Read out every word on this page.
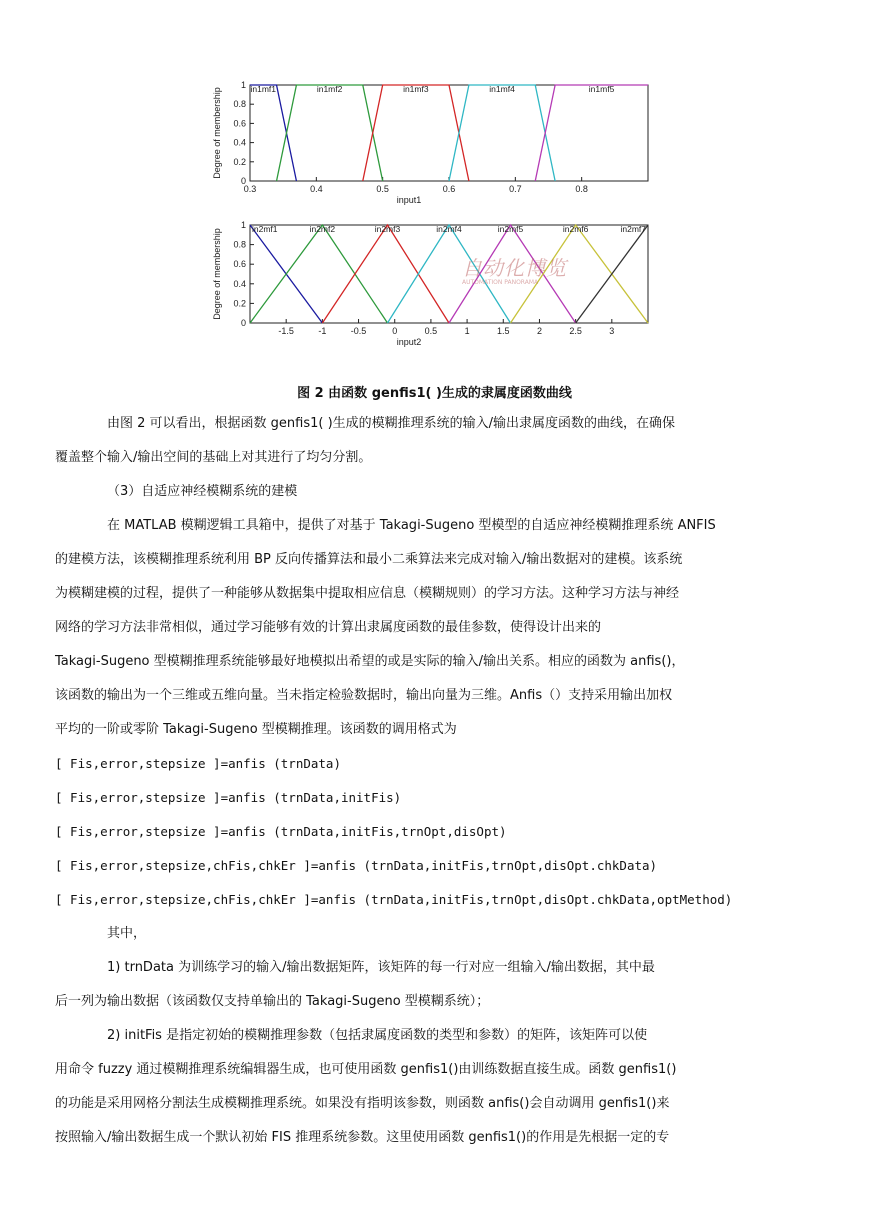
Degree of membership
0
0.2
0.4
0.6
0.8
1
0.3	0.4	0.5	0.6	0.7	0.8
input1
in1mf1	in1mf2	in1mf3	in1mf4	in1mf5
Degree of membership
0
0.2
0.4
0.6
0.8
1
-1.5	-1	-0.5	0	0.5	1	1.5	2	2.5	3
input2
in2mf1	in2mf2	in2mf3	in2mf4	in2mf5	in2mf6	in2mf7
自动化博览
AUTOMATION PANORAMA
图 2 由函数 genfis1( )生成的隶属度函数曲线

由图 2 可以看出，根据函数 genfis1( )生成的模糊推理系统的输入/输出隶属度函数的曲线，在确保

覆盖整个输入/输出空间的基础上对其进行了均匀分割。

（3）自适应神经模糊系统的建模

在 MATLAB 模糊逻辑工具箱中，提供了对基于 Takagi-Sugeno 型模型的自适应神经模糊推理系统 ANFIS

的建模方法，该模糊推理系统利用 BP 反向传播算法和最小二乘算法来完成对输入/输出数据对的建模。该系统

为模糊建模的过程，提供了一种能够从数据集中提取相应信息（模糊规则）的学习方法。这种学习方法与神经

网络的学习方法非常相似，通过学习能够有效的计算出隶属度函数的最佳参数，使得设计出来的

Takagi-Sugeno 型模糊推理系统能够最好地模拟出希望的或是实际的输入/输出关系。相应的函数为 anfis()，

该函数的输出为一个三维或五维向量。当未指定检验数据时，输出向量为三维。Anfis（）支持采用输出加权

平均的一阶或零阶 Takagi-Sugeno 型模糊推理。该函数的调用格式为

[ Fis,error,stepsize ]=anfis (trnData)

[ Fis,error,stepsize ]=anfis (trnData,initFis)

[ Fis,error,stepsize ]=anfis (trnData,initFis,trnOpt,disOpt)

[ Fis,error,stepsize,chFis,chkEr ]=anfis (trnData,initFis,trnOpt,disOpt.chkData)

[ Fis,error,stepsize,chFis,chkEr ]=anfis (trnData,initFis,trnOpt,disOpt.chkData,optMethod)

其中，

1) trnData 为训练学习的输入/输出数据矩阵，该矩阵的每一行对应一组输入/输出数据，其中最

后一列为输出数据（该函数仅支持单输出的 Takagi-Sugeno 型模糊系统）；

2) initFis 是指定初始的模糊推理参数（包括隶属度函数的类型和参数）的矩阵，该矩阵可以使

用命令 fuzzy 通过模糊推理系统编辑器生成，也可使用函数 genfis1()由训练数据直接生成。函数 genfis1()

的功能是采用网格分割法生成模糊推理系统。如果没有指明该参数，则函数 anfis()会自动调用 genfis1()来

按照输入/输出数据生成一个默认初始 FIS 推理系统参数。这里使用函数 genfis1()的作用是先根据一定的专
